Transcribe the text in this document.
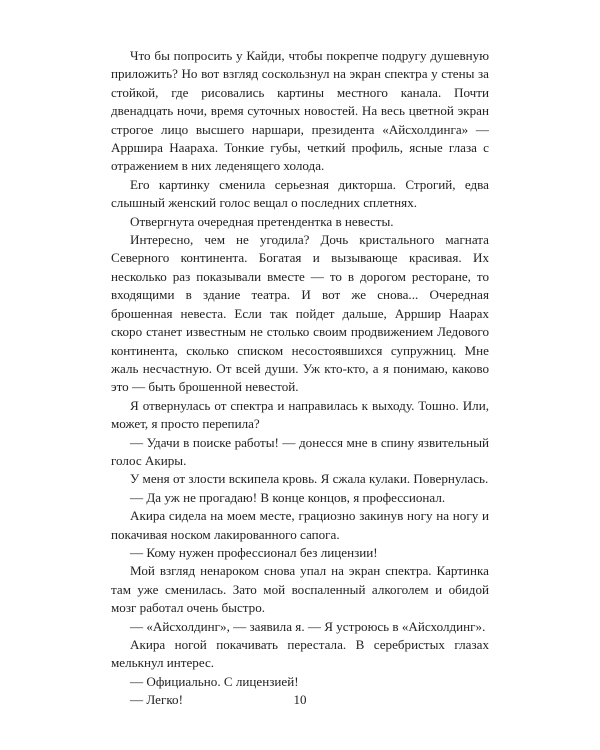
Что бы попросить у Кайди, чтобы покрепче подругу душевную приложить? Но вот взгляд соскользнул на экран спектра у стены за стойкой, где рисовались картины местного канала. Почти двенадцать ночи, время суточных новостей. На весь цветной экран строгое лицо высшего наршари, президента «Айсхолдинга» — Арршира Наараха. Тонкие губы, четкий профиль, ясные глаза с отражением в них леденящего холода.

Его картинку сменила серьезная дикторша. Строгий, едва слышный женский голос вещал о последних сплетнях.

Отвергнута очередная претендентка в невесты.

Интересно, чем не угодила? Дочь кристального магната Северного континента. Богатая и вызывающе красивая. Их несколько раз показывали вместе — то в дорогом ресторане, то входящими в здание театра. И вот же снова... Очередная брошенная невеста. Если так пойдет дальше, Арршир Наарах скоро станет известным не столько своим продвижением Ледового континента, сколько списком несостоявшихся супружниц. Мне жаль несчастную. От всей души. Уж кто-кто, а я понимаю, каково это — быть брошенной невестой.

Я отвернулась от спектра и направилась к выходу. Тошно. Или, может, я просто перепила?

— Удачи в поиске работы! — донесся мне в спину язвительный голос Акиры.

У меня от злости вскипела кровь. Я сжала кулаки. Повернулась.

— Да уж не прогадаю! В конце концов, я профессионал.

Акира сидела на моем месте, грациозно закинув ногу на ногу и покачивая носком лакированного сапога.

— Кому нужен профессионал без лицензии!

Мой взгляд ненароком снова упал на экран спектра. Картинка там уже сменилась. Зато мой воспаленный алкоголем и обидой мозг работал очень быстро.

— «Айсхолдинг», — заявила я. — Я устроюсь в «Айсхолдинг».

Акира ногой покачивать перестала. В серебристых глазах мелькнул интерес.

— Официально. С лицензией!

— Легко!	10
